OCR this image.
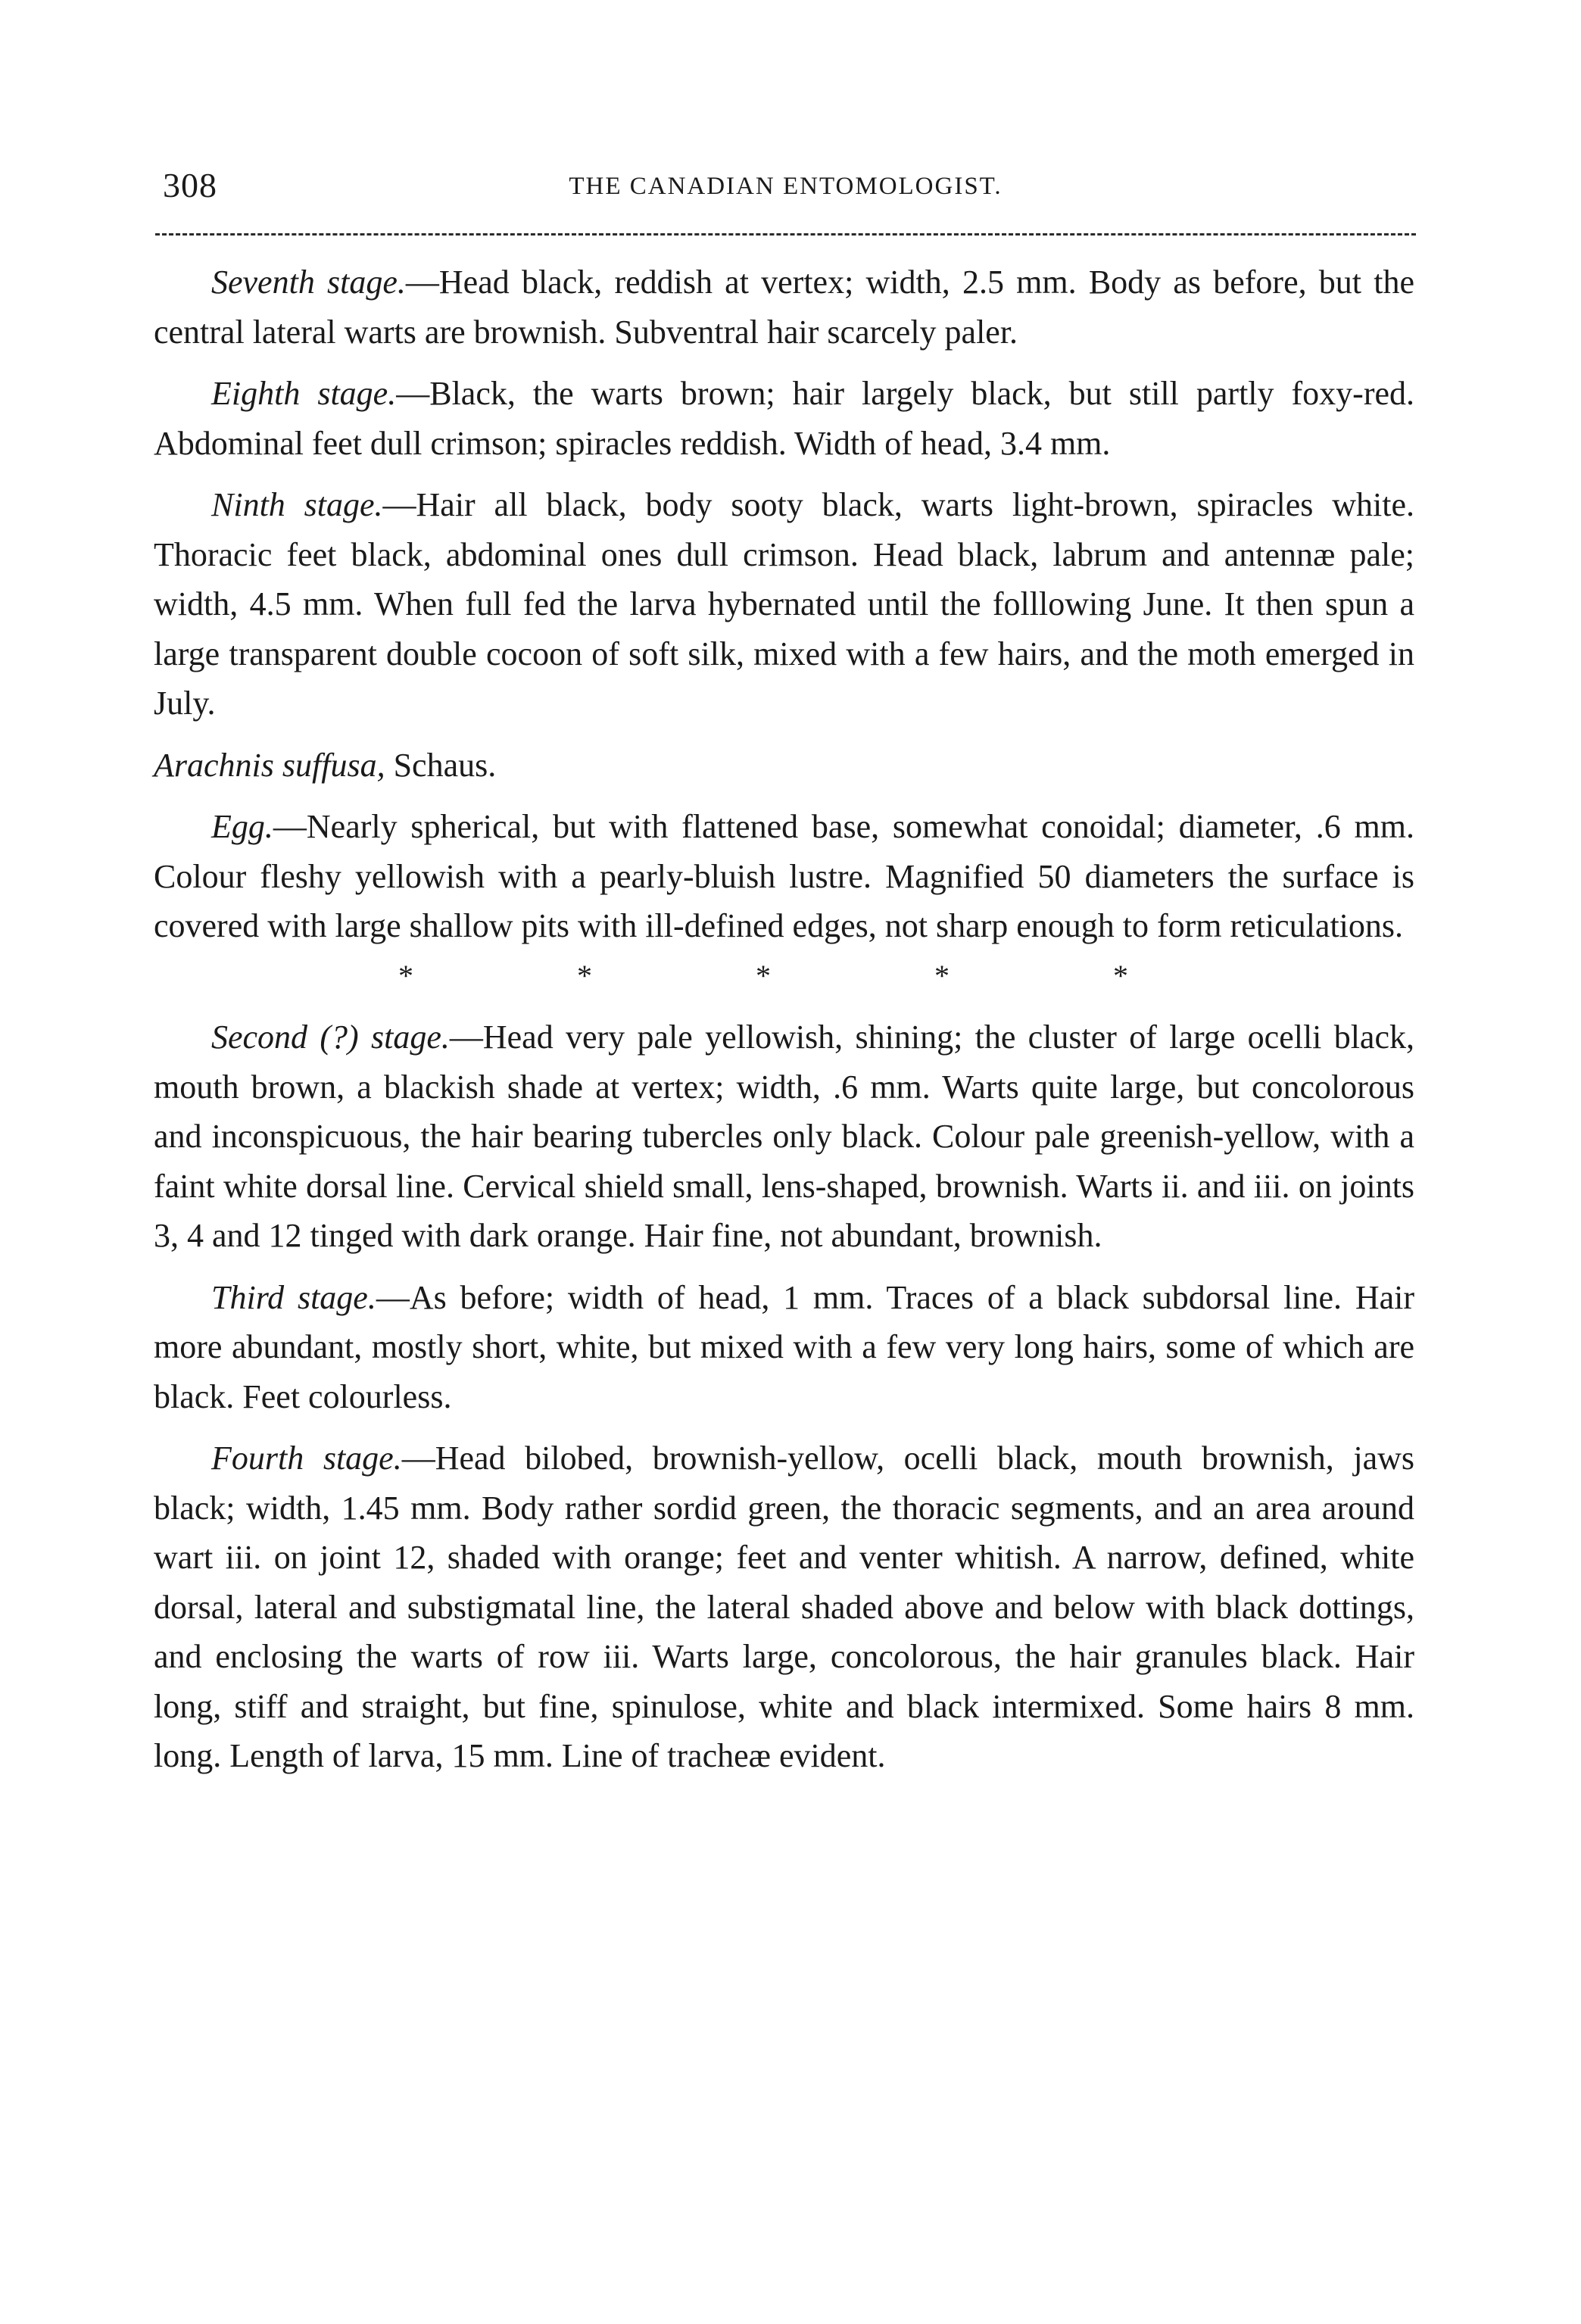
308	THE CANADIAN ENTOMOLOGIST.

Seventh stage.—Head black, reddish at vertex; width, 2.5 mm. Body as before, but the central lateral warts are brownish. Subventral hair scarcely paler.

Eighth stage.—Black, the warts brown; hair largely black, but still partly foxy-red. Abdominal feet dull crimson; spiracles reddish. Width of head, 3.4 mm.

Ninth stage.—Hair all black, body sooty black, warts light-brown, spiracles white. Thoracic feet black, abdominal ones dull crimson. Head black, labrum and antennæ pale; width, 4.5 mm. When full fed the larva hybernated until the folllowing June. It then spun a large transparent double cocoon of soft silk, mixed with a few hairs, and the moth emerged in July.

Arachnis suffusa, Schaus.

Egg.—Nearly spherical, but with flattened base, somewhat conoidal; diameter, .6 mm. Colour fleshy yellowish with a pearly-bluish lustre. Magnified 50 diameters the surface is covered with large shallow pits with ill-defined edges, not sharp enough to form reticulations.

*	*	*	*	*

Second (?) stage.—Head very pale yellowish, shining; the cluster of large ocelli black, mouth brown, a blackish shade at vertex; width, .6 mm. Warts quite large, but concolorous and inconspicuous, the hair bearing tubercles only black. Colour pale greenish-yellow, with a faint white dorsal line. Cervical shield small, lens-shaped, brownish. Warts ii. and iii. on joints 3, 4 and 12 tinged with dark orange. Hair fine, not abundant, brownish.

Third stage.—As before; width of head, 1 mm. Traces of a black subdorsal line. Hair more abundant, mostly short, white, but mixed with a few very long hairs, some of which are black. Feet colourless.

Fourth stage.—Head bilobed, brownish-yellow, ocelli black, mouth brownish, jaws black; width, 1.45 mm. Body rather sordid green, the thoracic segments, and an area around wart iii. on joint 12, shaded with orange; feet and venter whitish. A narrow, defined, white dorsal, lateral and substigmatal line, the lateral shaded above and below with black dottings, and enclosing the warts of row iii. Warts large, concolorous, the hair granules black. Hair long, stiff and straight, but fine, spinulose, white and black intermixed. Some hairs 8 mm. long. Length of larva, 15 mm. Line of tracheæ evident.
